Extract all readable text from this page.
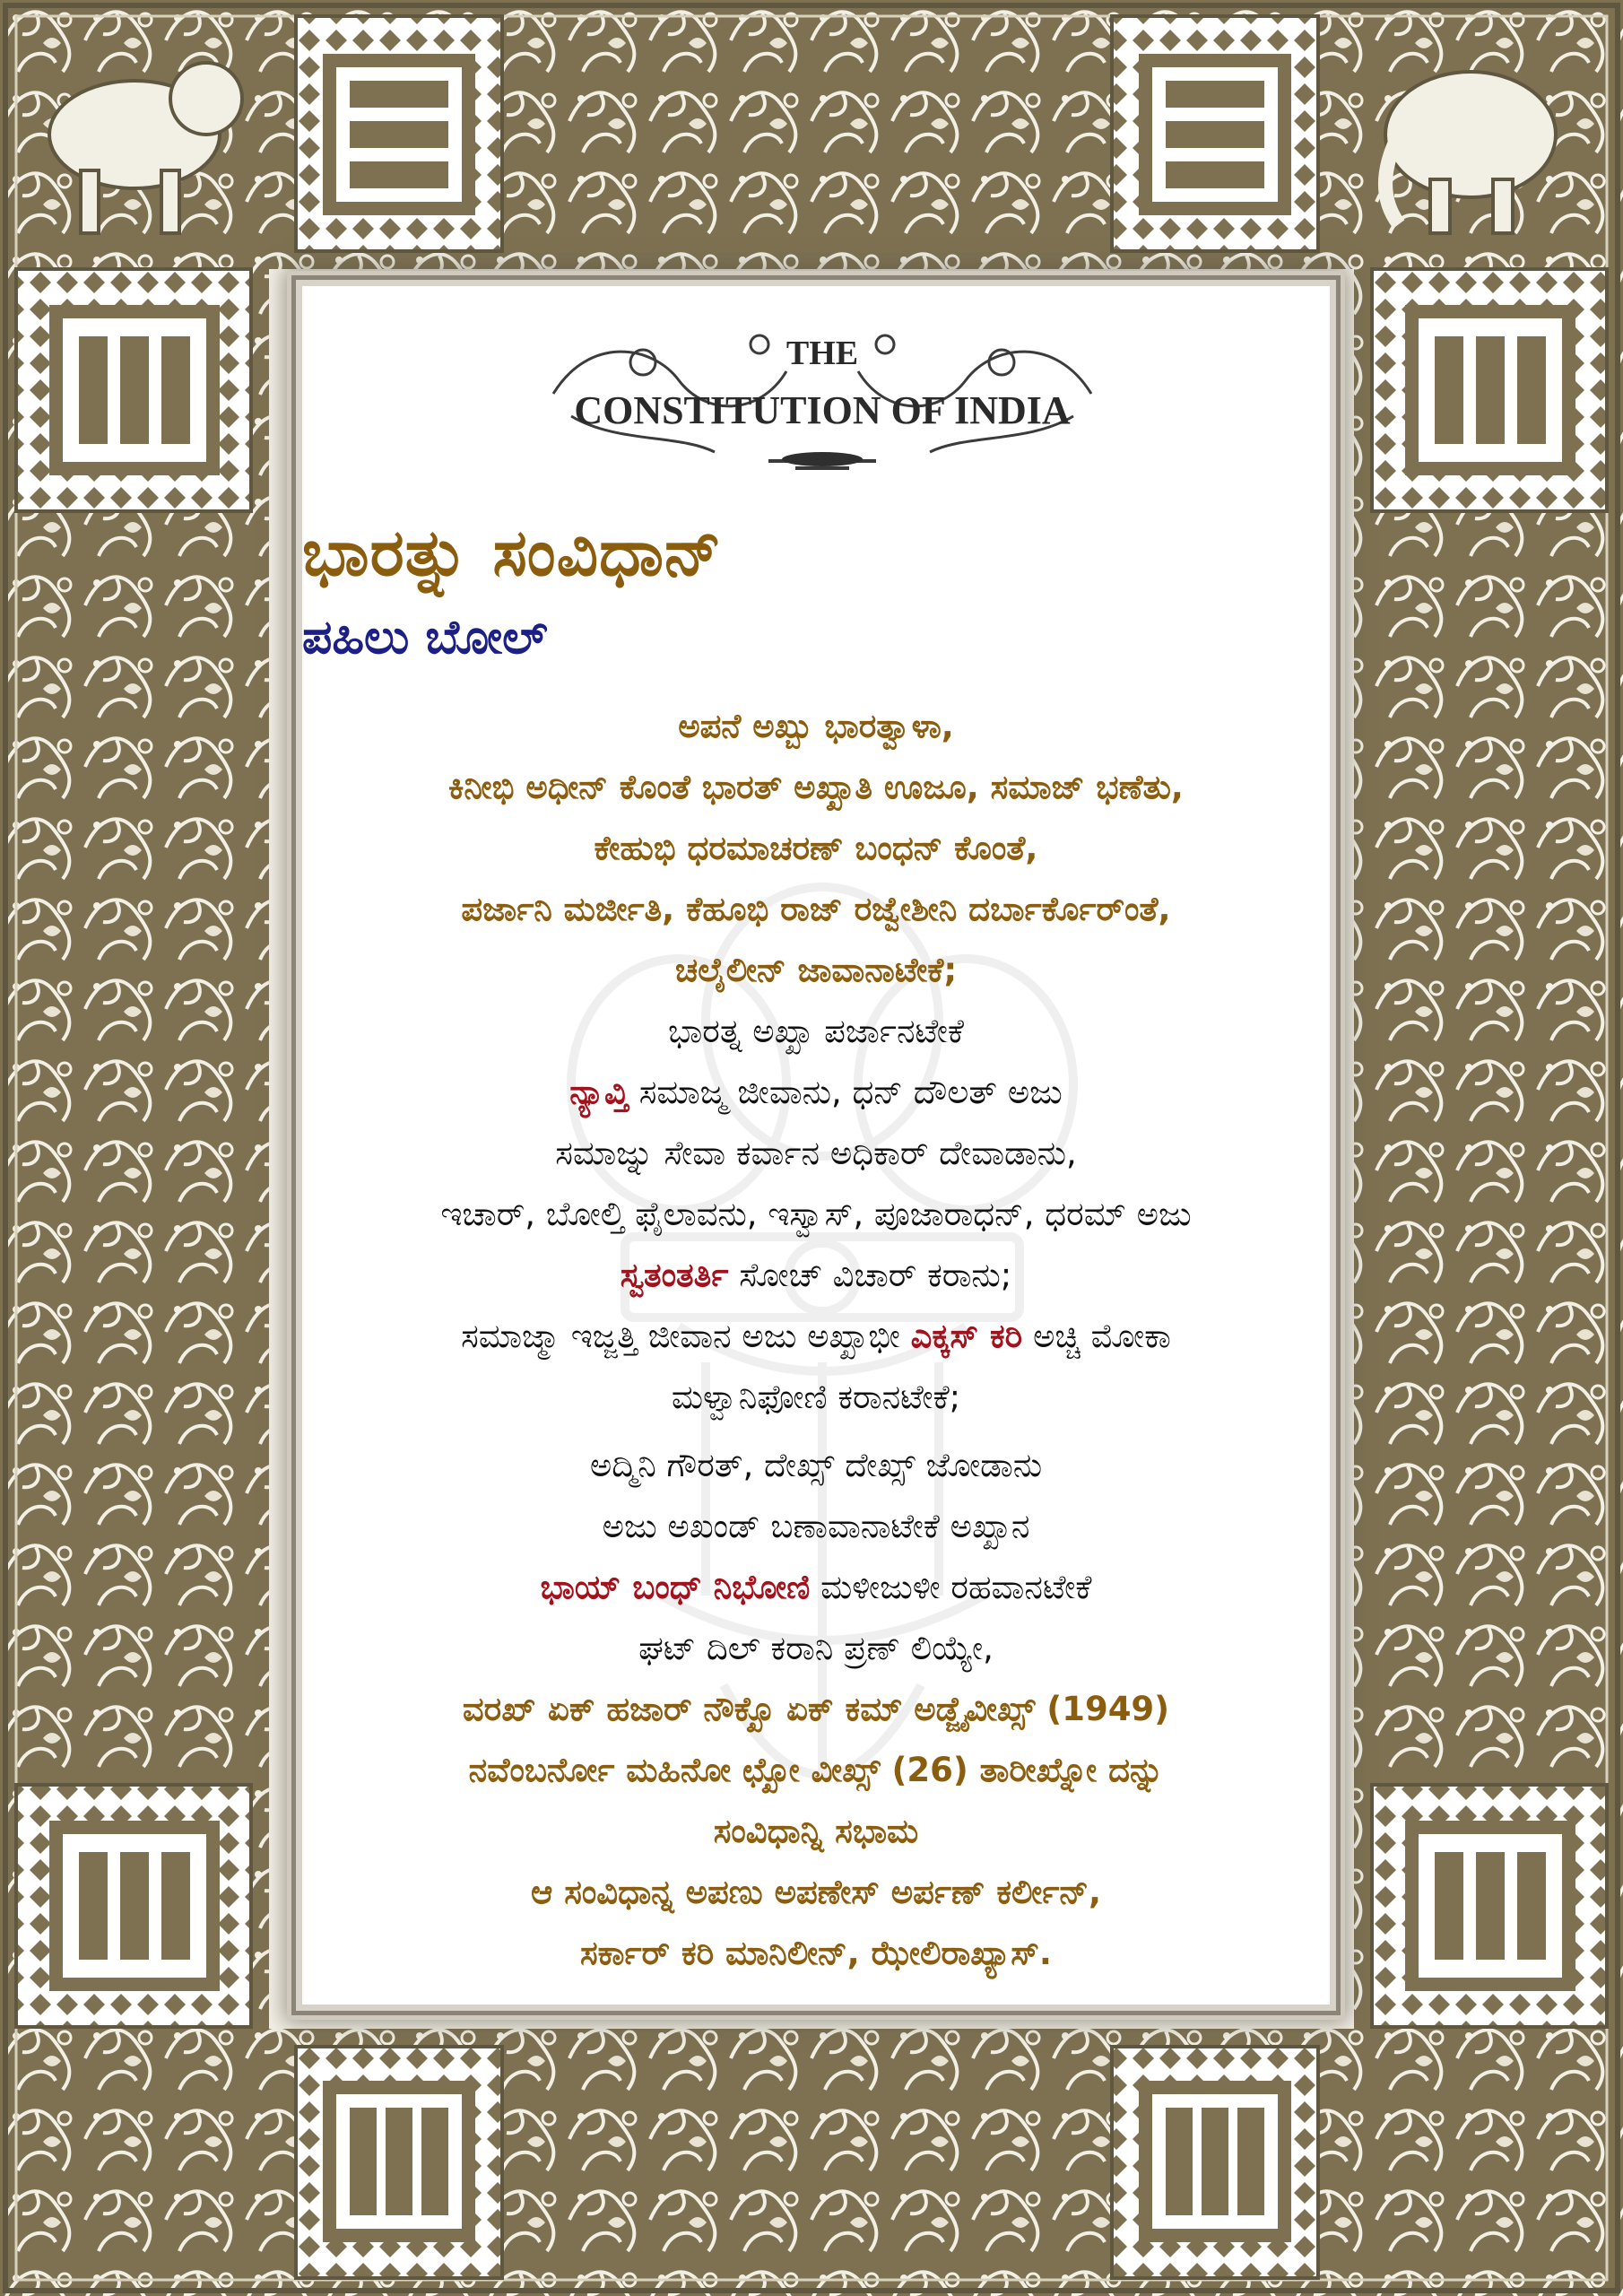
THE
CONSTITUTION OF INDIA
ಭಾರತ್ನು ಸಂವಿಧಾನ್
ಪಹಿಲು ಬೋಲ್
ಅಪನೆ ಅಖ್ಬು ಭಾರತ್ವಾಳಾ,
ಕಿನೀಭಿ ಅಧೀನ್ ಕೊಂತೆ ಭಾರತ್ ಅಖ್ಖಾತಿ ಊಜೂ, ಸಮಾಜ್ ಭಣೆತು,
ಕೇಹುಭಿ ಧರಮಾಚರಣ್ ಬಂಧನ್ ಕೊಂತೆ,
ಪರ್ಜಾನಿ ಮರ್ಜೀತಿ, ಕೆಹೂಭಿ ರಾಜ್ ರಜ್ವೇಶೀನಿ ದರ್ಬಾರ್ಕೊರ್ಂತೆ,
ಚಲೈಲೀನ್ ಜಾವಾನಾಟೇಕೆ;
ಭಾರತ್ನ ಅಖ್ಖಾ ಪರ್ಜಾನಟೇಕೆ
ನ್ಯಾವ್ತಿ ಸಮಾಜ್ಮ ಜೀವಾನು, ಧನ್ ದೌಲತ್ ಅಜು
ಸಮಾಜ್ನು ಸೇವಾ ಕರ್ವಾನ ಅಧಿಕಾರ್ ದೇವಾಡಾನು,
ಇಚಾರ್, ಬೋಲ್ತಿ ಫೈಲಾವನು, ಇಸ್ವಾಸ್, ಪೂಜಾರಾಧನ್, ಧರಮ್ ಅಜು
ಸ್ವತಂತರ್ತಿ ಸೋಚ್ ವಿಚಾರ್ ಕರಾನು;
ಸಮಾಜ್ಮಾ ಇಜ್ಜತ್ತಿ ಜೀವಾನ ಅಜು ಅಖ್ಖಾಭೀ ಎಕ್ಕಸ್ ಕರಿ ಅಚ್ಚಿ ಮೋಕಾ
ಮಳ್ವಾನಿಫೋಣಿ ಕರಾನಟೇಕೆ;
ಅದ್ಮಿನಿ ಗೌರತ್, ದೇಖ್ಸ್ ದೇಖ್ಸ್ ಜೋಡಾನು
ಅಜು ಅಖಂಡ್ ಬಣಾವಾನಾಟೇಕೆ ಅಖ್ಖಾನ
ಭಾಯ್ ಬಂಧ್ ನಿಭೋಣಿ ಮಳೀಜುಳೀ ರಹವಾನಟೇಕೆ
ಘಟ್ ದಿಲ್ ಕರಾನಿ ಪ್ರಣ್ ಲಿಯ್ಯೇ,
ವರಖ್ ಏಕ್ ಹಜಾರ್ ನೌಕ್ಖೊ ಏಕ್ ಕಮ್ ಅಡ್ಜೈವೀಖ್ಸ್ (1949)
ನವೆಂಬರ್ನೋ ಮಹಿನೋ ಛ್ಖೋ ವೀಖ್ಸ್ (26) ತಾರೀಖ್ನೋ ದನ್ನು
ಸಂವಿಧಾನ್ನಿ ಸಭಾಮ
ಆ ಸಂವಿಧಾನ್ನ ಅಪಣು ಅಪಣೇಸ್ ಅರ್ಪಣ್ ಕರ್ಲೀನ್,
ಸರ್ಕಾರ್ ಕರಿ ಮಾನಿಲೀನ್, ಝೇಲಿರಾಖ್ಯಾಸ್.
